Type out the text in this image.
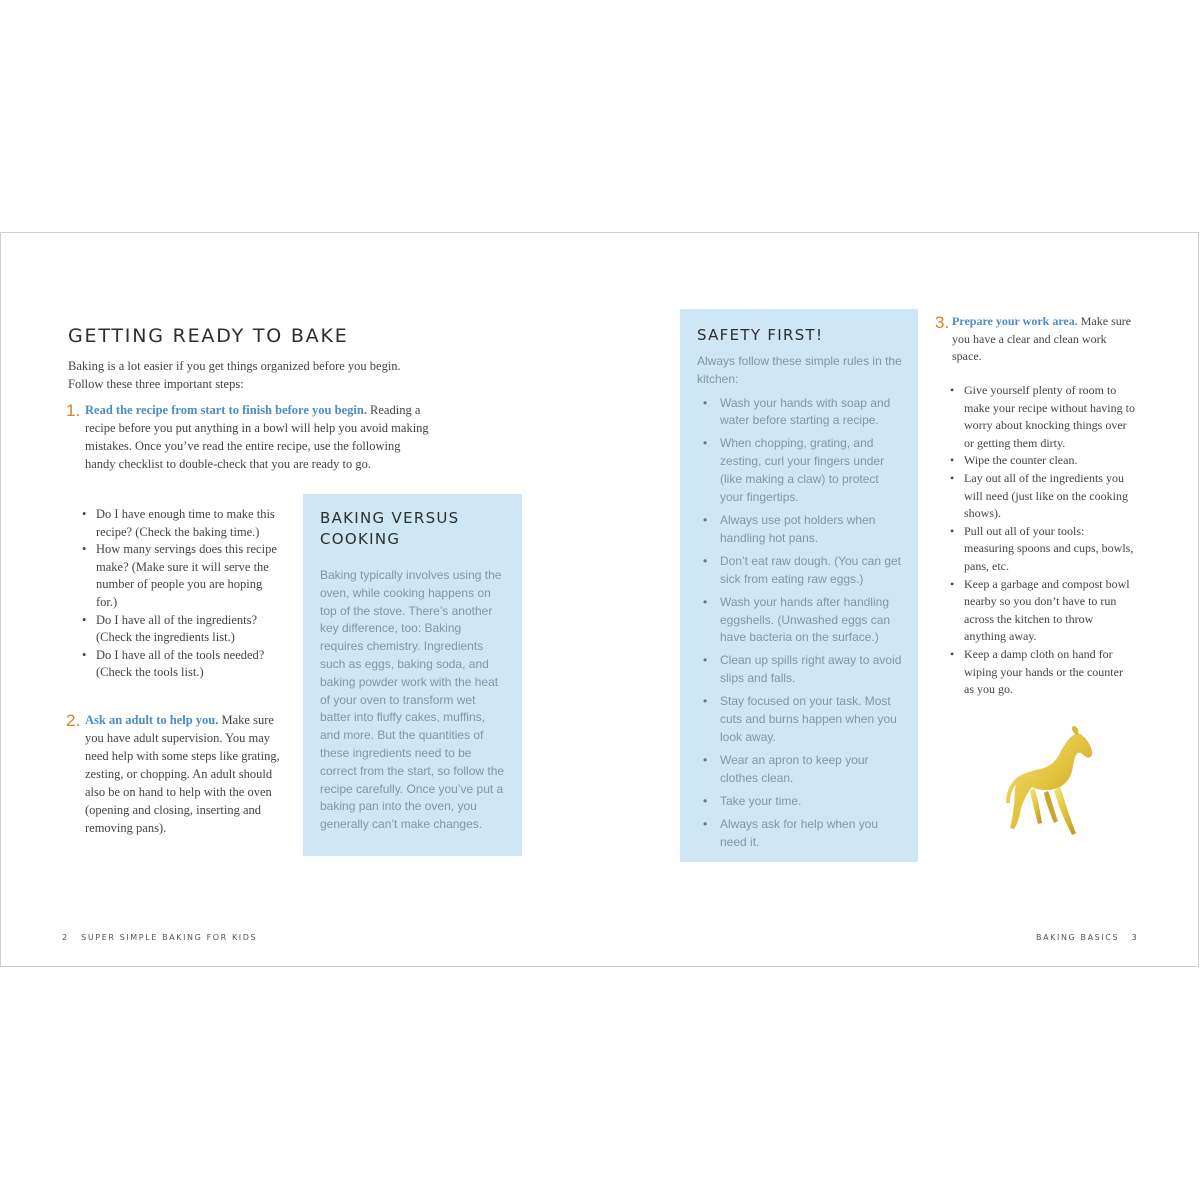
GETTING READY TO BAKE

Baking is a lot easier if you get things organized before you begin. Follow these three important steps:

1. Read the recipe from start to finish before you begin. Reading a recipe before you put anything in a bowl will help you avoid making mistakes. Once you’ve read the entire recipe, use the following handy checklist to double-check that you are ready to go.

• Do I have enough time to make this recipe? (Check the baking time.)
• How many servings does this recipe make? (Make sure it will serve the number of people you are hoping for.)
• Do I have all of the ingredients? (Check the ingredients list.)
• Do I have all of the tools needed? (Check the tools list.)
2. Ask an adult to help you. Make sure you have adult supervision. You may need help with some steps like grating, zesting, or chopping. An adult should also be on hand to help with the oven (opening and closing, inserting and removing pans).

BAKING VERSUS COOKING

Baking typically involves using the oven, while cooking happens on top of the stove. There’s another key difference, too: Baking requires chemistry. Ingredients such as eggs, baking soda, and baking powder work with the heat of your oven to transform wet batter into fluffy cakes, muffins, and more. But the quantities of these ingredients need to be correct from the start, so follow the recipe carefully. Once you’ve put a baking pan into the oven, you generally can’t make changes.

2 SUPER SIMPLE BAKING FOR KIDS
SAFETY FIRST!

Always follow these simple rules in the kitchen:

• Wash your hands with soap and water before starting a recipe.
• When chopping, grating, and zesting, curl your fingers under (like making a claw) to protect your fingertips.
• Always use pot holders when handling hot pans.
• Don’t eat raw dough. (You can get sick from eating raw eggs.)
• Wash your hands after handling eggshells. (Unwashed eggs can have bacteria on the surface.)
• Clean up spills right away to avoid slips and falls.
• Stay focused on your task. Most cuts and burns happen when you look away.
• Wear an apron to keep your clothes clean.
• Take your time.
• Always ask for help when you need it.
3. Prepare your work area. Make sure you have a clear and clean work space.

• Give yourself plenty of room to make your recipe without having to worry about knocking things over or getting them dirty.
• Wipe the counter clean.
• Lay out all of the ingredients you will need (just like on the cooking shows).
• Pull out all of your tools: measuring spoons and cups, bowls, pans, etc.
• Keep a garbage and compost bowl nearby so you don’t have to run across the kitchen to throw anything away.
• Keep a damp cloth on hand for wiping your hands or the counter as you go.
BAKING BASICS 3
